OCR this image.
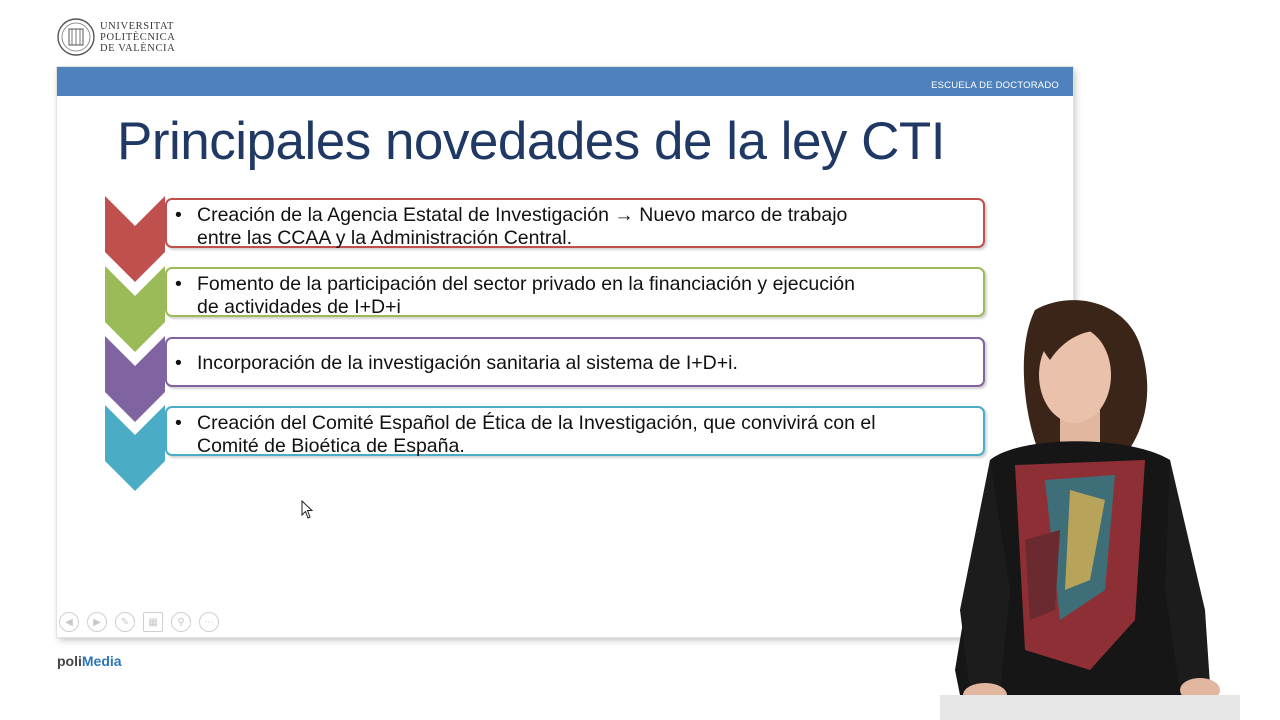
UNIVERSITAT
POLITÈCNICA
DE VALÈNCIA
ESCUELA DE DOCTORADO
Principales novedades de la ley CTI
• Creación de la Agencia Estatal de Investigación → Nuevo marco de trabajo
entre las CCAA y la Administración Central.
• Fomento de la participación del sector privado en la financiación y ejecución
de actividades de I+D+i
• Incorporación de la investigación sanitaria al sistema de I+D+i.
• Creación del Comité Español de Ética de la Investigación, que convivirá con el
Comité de Bioética de España.
◀	▶	✎	▦	⚲	⋯
poliMedia
